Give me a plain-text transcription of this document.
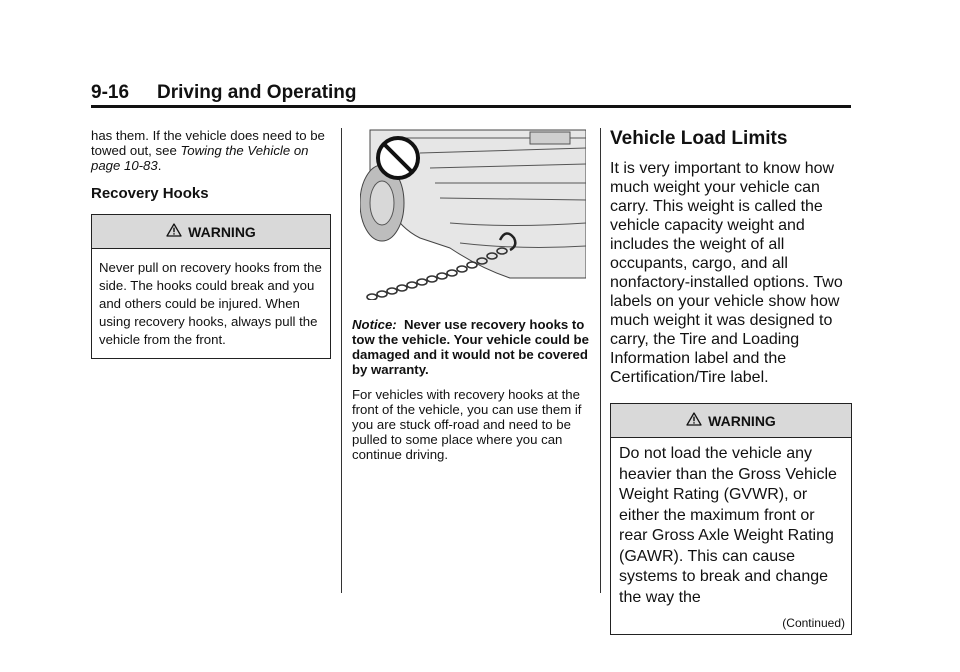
9-16 Driving and Operating

has them. If the vehicle does need to be towed out, see Towing the Vehicle on page 10-83.

Recovery Hooks
WARNING
Never pull on recovery hooks from the side. The hooks could break and you and others could be injured. When using recovery hooks, always pull the vehicle from the front.

Notice: Never use recovery hooks to tow the vehicle. Your vehicle could be damaged and it would not be covered by warranty.

For vehicles with recovery hooks at the front of the vehicle, you can use them if you are stuck off-road and need to be pulled to some place where you can continue driving.

Vehicle Load Limits

It is very important to know how much weight your vehicle can carry. This weight is called the vehicle capacity weight and includes the weight of all occupants, cargo, and all nonfactory-installed options. Two labels on your vehicle show how much weight it was designed to carry, the Tire and Loading Information label and the Certification/Tire label.

WARNING
Do not load the vehicle any heavier than the Gross Vehicle Weight Rating (GVWR), or either the maximum front or rear Gross Axle Weight Rating (GAWR). This can cause systems to break and change the way the
(Continued)
